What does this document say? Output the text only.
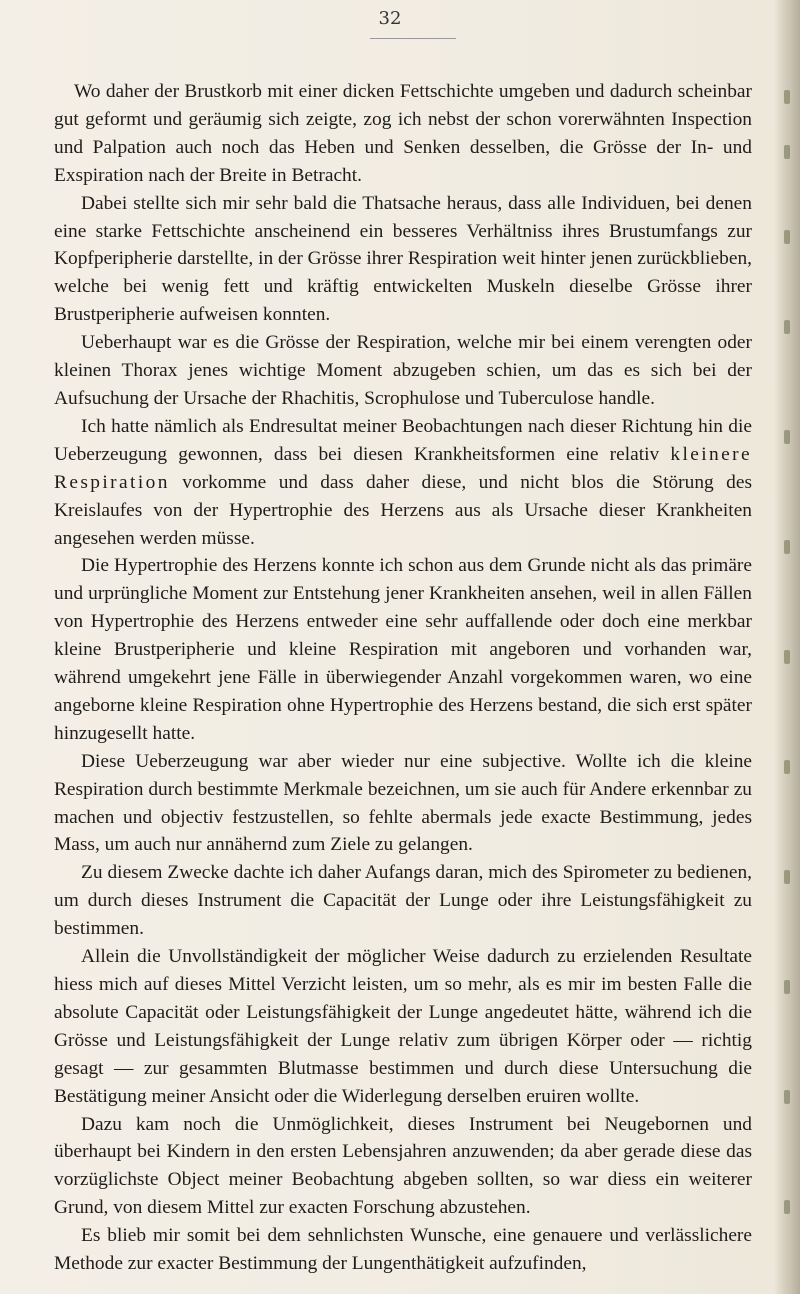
32

Wo daher der Brustkorb mit einer dicken Fettschichte umgeben und dadurch scheinbar gut geformt und geräumig sich zeigte, zog ich nebst der schon vorerwähnten Inspection und Palpation auch noch das Heben und Senken desselben, die Grösse der In- und Exspiration nach der Breite in Betracht.

Dabei stellte sich mir sehr bald die Thatsache heraus, dass alle Individuen, bei denen eine starke Fettschichte anscheinend ein besseres Verhältniss ihres Brustumfangs zur Kopfperipherie darstellte, in der Grösse ihrer Respiration weit hinter jenen zurückblieben, welche bei wenig fett und kräftig entwickelten Muskeln dieselbe Grösse ihrer Brustperipherie aufweisen konnten.

Ueberhaupt war es die Grösse der Respiration, welche mir bei einem verengten oder kleinen Thorax jenes wichtige Moment abzugeben schien, um das es sich bei der Aufsuchung der Ursache der Rhachitis, Scrophulose und Tuberculose handle.

Ich hatte nämlich als Endresultat meiner Beobachtungen nach dieser Richtung hin die Ueberzeugung gewonnen, dass bei diesen Krankheitsformen eine relativ kleinere Respiration vorkomme und dass daher diese, und nicht blos die Störung des Kreislaufes von der Hypertrophie des Herzens aus als Ursache dieser Krankheiten angesehen werden müsse.

Die Hypertrophie des Herzens konnte ich schon aus dem Grunde nicht als das primäre und urprüngliche Moment zur Entstehung jener Krankheiten ansehen, weil in allen Fällen von Hypertrophie des Herzens entweder eine sehr auffallende oder doch eine merkbar kleine Brustperipherie und kleine Respiration mit angeboren und vorhanden war, während umgekehrt jene Fälle in überwiegender Anzahl vorgekommen waren, wo eine angeborne kleine Respiration ohne Hypertrophie des Herzens bestand, die sich erst später hinzugesellt hatte.

Diese Ueberzeugung war aber wieder nur eine subjective. Wollte ich die kleine Respiration durch bestimmte Merkmale bezeichnen, um sie auch für Andere erkennbar zu machen und objectiv festzustellen, so fehlte abermals jede exacte Bestimmung, jedes Mass, um auch nur annähernd zum Ziele zu gelangen.

Zu diesem Zwecke dachte ich daher Aufangs daran, mich des Spirometer zu bedienen, um durch dieses Instrument die Capacität der Lunge oder ihre Leistungsfähigkeit zu bestimmen.

Allein die Unvollständigkeit der möglicher Weise dadurch zu erzielenden Resultate hiess mich auf dieses Mittel Verzicht leisten, um so mehr, als es mir im besten Falle die absolute Capacität oder Leistungsfähigkeit der Lunge angedeutet hätte, während ich die Grösse und Leistungsfähigkeit der Lunge relativ zum übrigen Körper oder — richtig gesagt — zur gesammten Blutmasse bestimmen und durch diese Untersuchung die Bestätigung meiner Ansicht oder die Widerlegung derselben eruiren wollte.

Dazu kam noch die Unmöglichkeit, dieses Instrument bei Neugebornen und überhaupt bei Kindern in den ersten Lebensjahren anzuwenden; da aber gerade diese das vorzüglichste Object meiner Beobachtung abgeben sollten, so war diess ein weiterer Grund, von diesem Mittel zur exacten Forschung abzustehen.

Es blieb mir somit bei dem sehnlichsten Wunsche, eine genauere und verlässlichere Methode zur exacter Bestimmung der Lungenthätigkeit aufzufinden,
